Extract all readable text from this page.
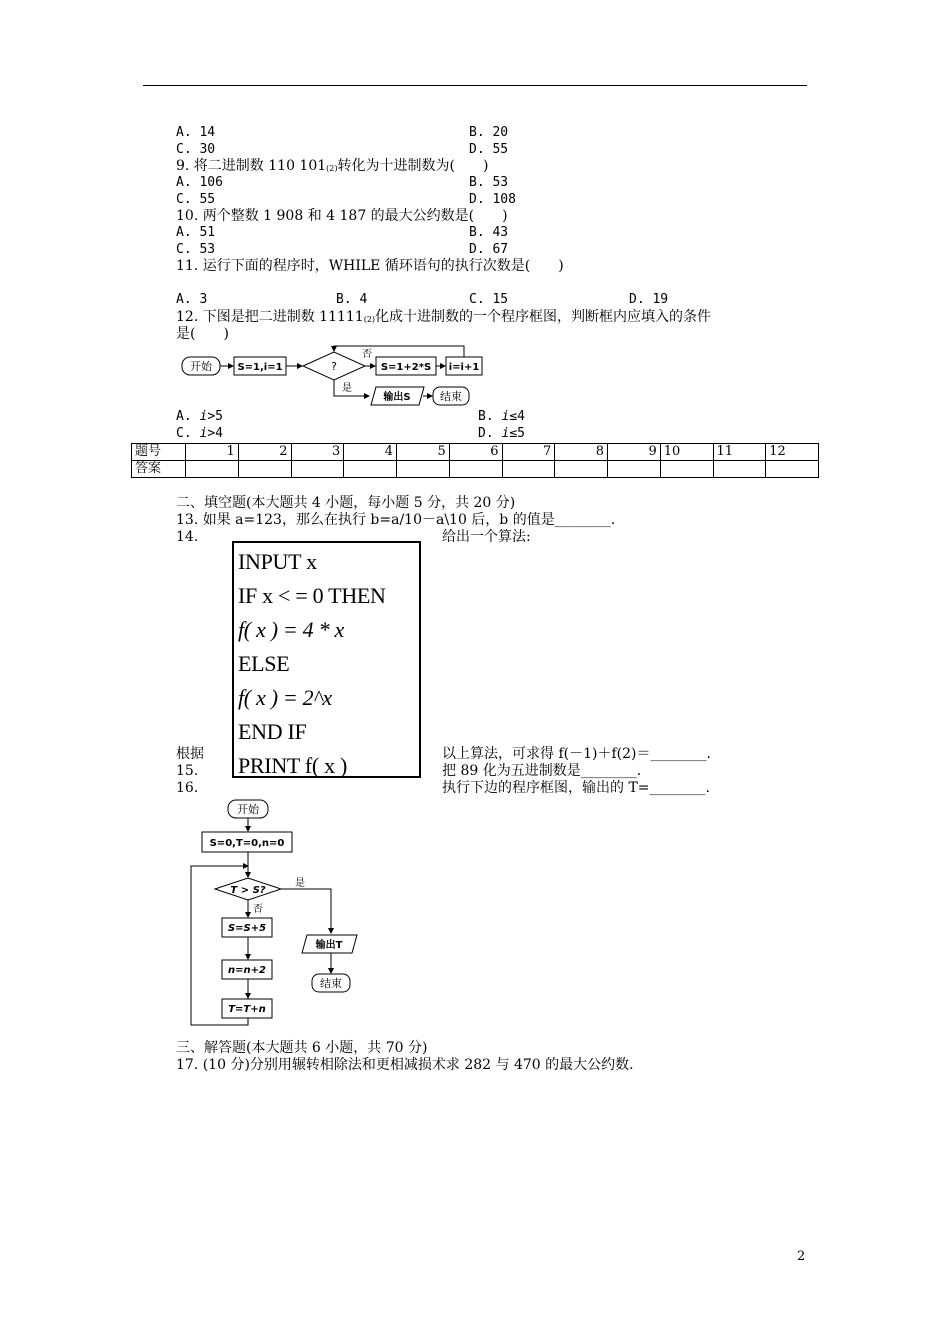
A. 14	B. 20
C. 30	D. 55
9. 将二进制数 110 $101_{(2)}$转化为十进制数为(　　)
A. 106	B. 53
C. 55	D. 108
10. 两个整数 1 908 和 4 187 的最大公约数是(　　)
A. 51	B. 43
C. 53	D. 67
11. 运行下面的程序时，WHILE 循环语句的执行次数是(　　)
A. 3	B. 4	C. 15	D. 19
12. 下图是把二进制数 $11111_{(2)}$化成十进制数的一个程序框图，判断框内应填入的条件
是(　　)
开始	S=1,i=1	?
否
S=1+2*S i=i+1
是
输出S	结束
A. i>5	B. i≤4
C. i>4	D. i≤5
题号	1	2	3	4	5	6	7	8	9	10	11	12
答案												
二、填空题(本大题共 4 小题，每小题 5 分，共 20 分)
13. 如果 a=123，那么在执行 b=a/10－a\10 后，b 的值是________.
14.	给出一个算法:
INPUT x
IF x < = 0 THEN
f( x ) = 4 * x
ELSE
f( x ) = 2^x
END IF
PRINT f( x )
根据	以上算法，可求得 f(－1)＋f(2)＝________.
15.	把 89 化为五进制数是________.
16.	执行下边的程序框图，输出的 T=________.
开始
S=0,T=0,n=0
T > S?
是
输出T
结束
否
S=S+5
n=n+2
T=T+n
三、解答题(本大题共 6 小题，共 70 分)
17. (10 分)分别用辗转相除法和更相减损术求 282 与 470 的最大公约数.
2
